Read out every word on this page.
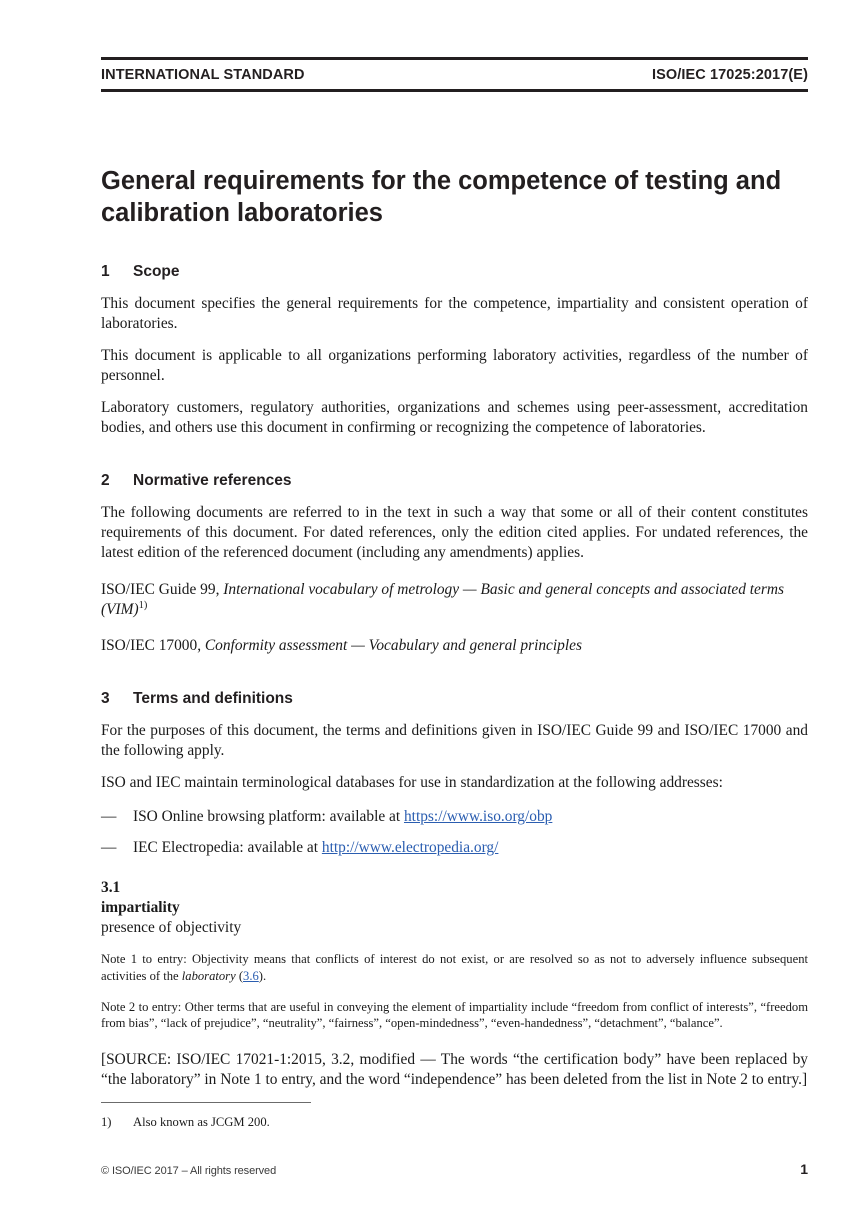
INTERNATIONAL STANDARD	ISO/IEC 17025:2017(E)
General requirements for the competence of testing and calibration laboratories
1	Scope

This document specifies the general requirements for the competence, impartiality and consistent operation of laboratories.

This document is applicable to all organizations performing laboratory activities, regardless of the number of personnel.

Laboratory customers, regulatory authorities, organizations and schemes using peer-assessment, accreditation bodies, and others use this document in confirming or recognizing the competence of laboratories.

2	Normative references

The following documents are referred to in the text in such a way that some or all of their content constitutes requirements of this document. For dated references, only the edition cited applies. For undated references, the latest edition of the referenced document (including any amendments) applies.

ISO/IEC Guide 99, International vocabulary of metrology — Basic and general concepts and associated terms (VIM)$^{1)}$

ISO/IEC 17000, Conformity assessment — Vocabulary and general principles

3	Terms and definitions

For the purposes of this document, the terms and definitions given in ISO/IEC Guide 99 and ISO/IEC 17000 and the following apply.

ISO and IEC maintain terminological databases for use in standardization at the following addresses:

—	ISO Online browsing platform: available at https://www.iso.org/obp
—	IEC Electropedia: available at http://www.electropedia.org/
3.1
impartiality
presence of objectivity

Note 1 to entry: Objectivity means that conflicts of interest do not exist, or are resolved so as not to adversely influence subsequent activities of the laboratory (3.6).

Note 2 to entry: Other terms that are useful in conveying the element of impartiality include “freedom from conflict of interests”, “freedom from bias”, “lack of prejudice”, “neutrality”, “fairness”, “open-mindedness”, “even-handedness”, “detachment”, “balance”.

[SOURCE: ISO/IEC 17021-1:2015, 3.2, modified — The words “the certification body” have been replaced by “the laboratory” in Note 1 to entry, and the word “independence” has been deleted from the list in Note 2 to entry.]

1)	Also known as JCGM 200.
© ISO/IEC 2017 – All rights reserved	1
